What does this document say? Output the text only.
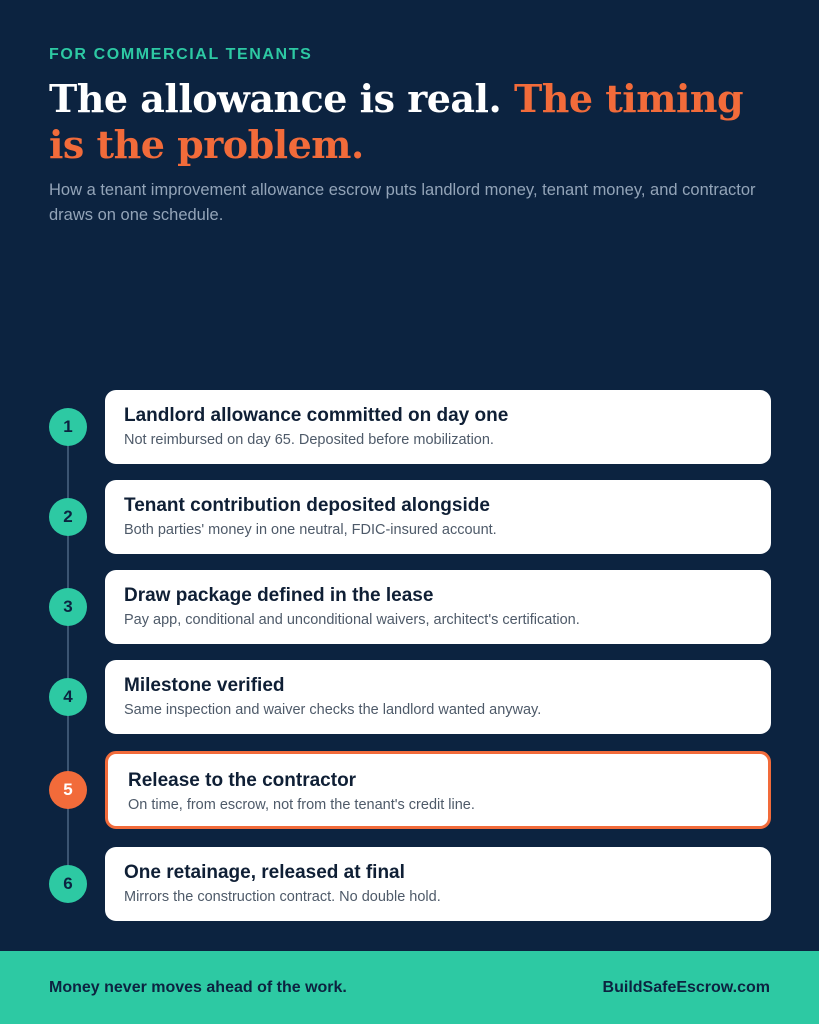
FOR COMMERCIAL TENANTS
The allowance is real. The timing is the problem.

How a tenant improvement allowance escrow puts landlord money, tenant money, and contractor draws on one schedule.

1
Landlord allowance committed on day one
Not reimbursed on day 65. Deposited before mobilization.
2
Tenant contribution deposited alongside
Both parties' money in one neutral, FDIC-insured account.
3
Draw package defined in the lease
Pay app, conditional and unconditional waivers, architect's certification.
4
Milestone verified
Same inspection and waiver checks the landlord wanted anyway.
5	Release to the contractor
On time, from escrow, not from the tenant's credit line.
6
One retainage, released at final
Mirrors the construction contract. No double hold.
Money never moves ahead of the work.	BuildSafeEscrow.com
